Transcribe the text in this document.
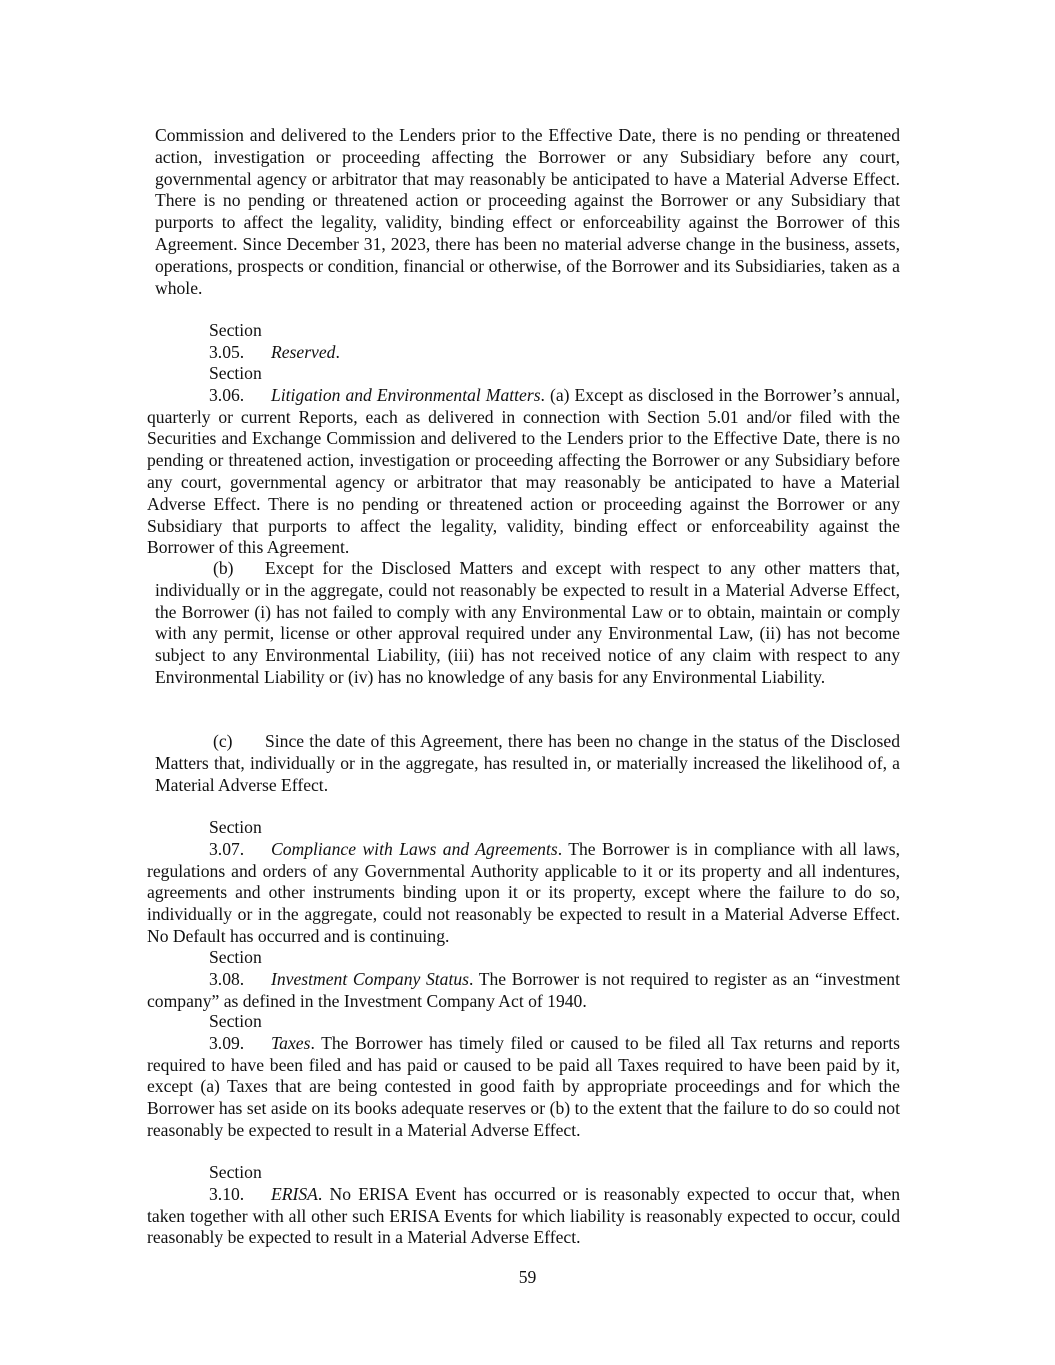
Commission and delivered to the Lenders prior to the Effective Date, there is no pending or threatened action, investigation or proceeding affecting the Borrower or any Subsidiary before any court, governmental agency or arbitrator that may reasonably be anticipated to have a Material Adverse Effect. There is no pending or threatened action or proceeding against the Borrower or any Subsidiary that purports to affect the legality, validity, binding effect or enforceability against the Borrower of this Agreement. Since December 31, 2023, there has been no material adverse change in the business, assets, operations, prospects or condition, financial or otherwise, of the Borrower and its Subsidiaries, taken as a whole.

Section 3.05. Reserved.

Section 3.06. Litigation and Environmental Matters. (a) Except as disclosed in the Borrower’s annual, quarterly or current Reports, each as delivered in connection with Section 5.01 and/or filed with the Securities and Exchange Commission and delivered to the Lenders prior to the Effective Date, there is no pending or threatened action, investigation or proceeding affecting the Borrower or any Subsidiary before any court, governmental agency or arbitrator that may reasonably be anticipated to have a Material Adverse Effect. There is no pending or threatened action or proceeding against the Borrower or any Subsidiary that purports to affect the legality, validity, binding effect or enforceability against the Borrower of this Agreement.

(b) Except for the Disclosed Matters and except with respect to any other matters that, individually or in the aggregate, could not reasonably be expected to result in a Material Adverse Effect, the Borrower (i) has not failed to comply with any Environmental Law or to obtain, maintain or comply with any permit, license or other approval required under any Environmental Law, (ii) has not become subject to any Environmental Liability, (iii) has not received notice of any claim with respect to any Environmental Liability or (iv) has no knowledge of any basis for any Environmental Liability.

(c) Since the date of this Agreement, there has been no change in the status of the Disclosed Matters that, individually or in the aggregate, has resulted in, or materially increased the likelihood of, a Material Adverse Effect.

Section 3.07. Compliance with Laws and Agreements. The Borrower is in compliance with all laws, regulations and orders of any Governmental Authority applicable to it or its property and all indentures, agreements and other instruments binding upon it or its property, except where the failure to do so, individually or in the aggregate, could not reasonably be expected to result in a Material Adverse Effect. No Default has occurred and is continuing.

Section 3.08. Investment Company Status. The Borrower is not required to register as an “investment company” as defined in the Investment Company Act of 1940.

Section 3.09. Taxes. The Borrower has timely filed or caused to be filed all Tax returns and reports required to have been filed and has paid or caused to be paid all Taxes required to have been paid by it, except (a) Taxes that are being contested in good faith by appropriate proceedings and for which the Borrower has set aside on its books adequate reserves or (b) to the extent that the failure to do so could not reasonably be expected to result in a Material Adverse Effect.

Section 3.10. ERISA. No ERISA Event has occurred or is reasonably expected to occur that, when taken together with all other such ERISA Events for which liability is reasonably expected to occur, could reasonably be expected to result in a Material Adverse Effect.

59
